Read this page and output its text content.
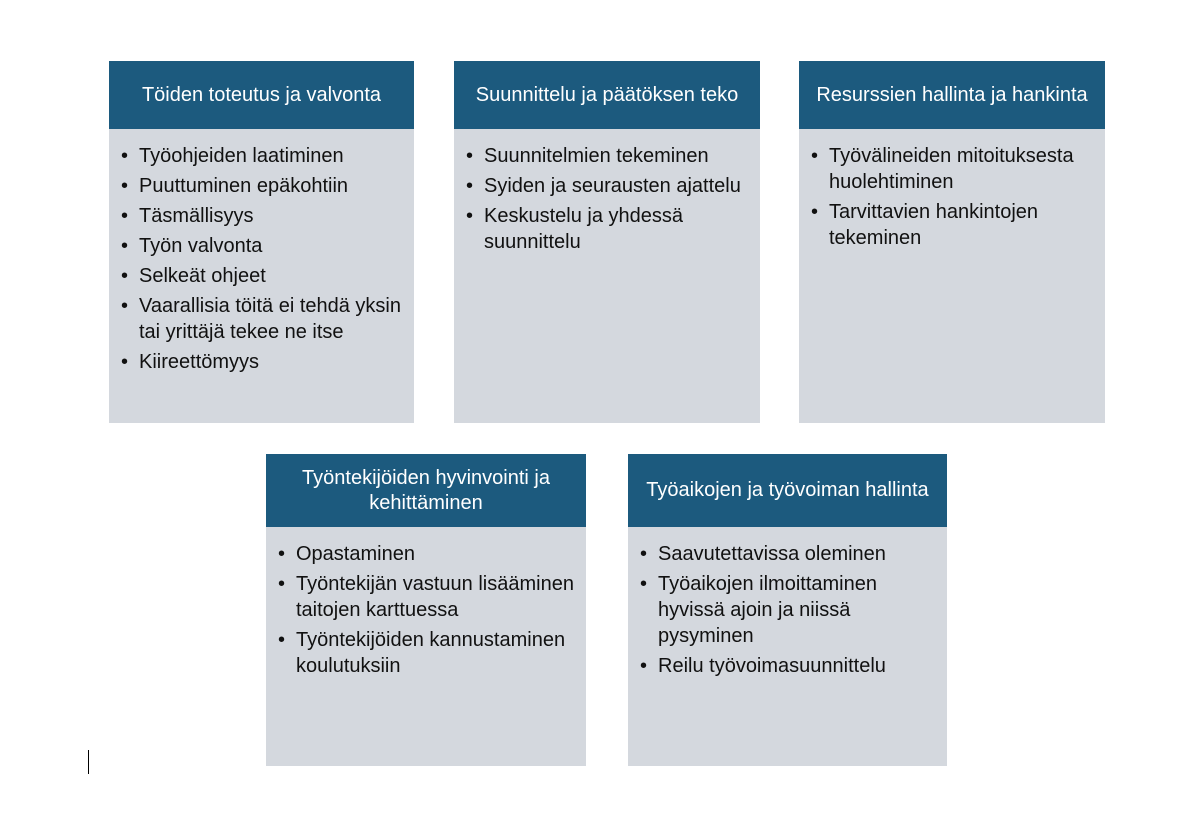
Töiden toteutus ja valvonta
• Työohjeiden laatiminen
• Puuttuminen epäkohtiin
• Täsmällisyys
• Työn valvonta
• Selkeät ohjeet
• Vaarallisia töitä ei tehdä yksin tai yrittäjä tekee ne itse
• Kiireettömyys
Suunnittelu ja päätöksen teko
• Suunnitelmien tekeminen
• Syiden ja seurausten ajattelu
• Keskustelu ja yhdessä suunnittelu
Resurssien hallinta ja hankinta
• Työvälineiden mitoituksesta huolehtiminen
• Tarvittavien hankintojen tekeminen
Työntekijöiden hyvinvointi ja kehittäminen
• Opastaminen
• Työntekijän vastuun lisääminen taitojen karttuessa
• Työntekijöiden kannustaminen koulutuksiin
Työaikojen ja työvoiman hallinta
• Saavutettavissa oleminen
• Työaikojen ilmoittaminen hyvissä ajoin ja niissä pysyminen
• Reilu työvoimasuunnittelu
